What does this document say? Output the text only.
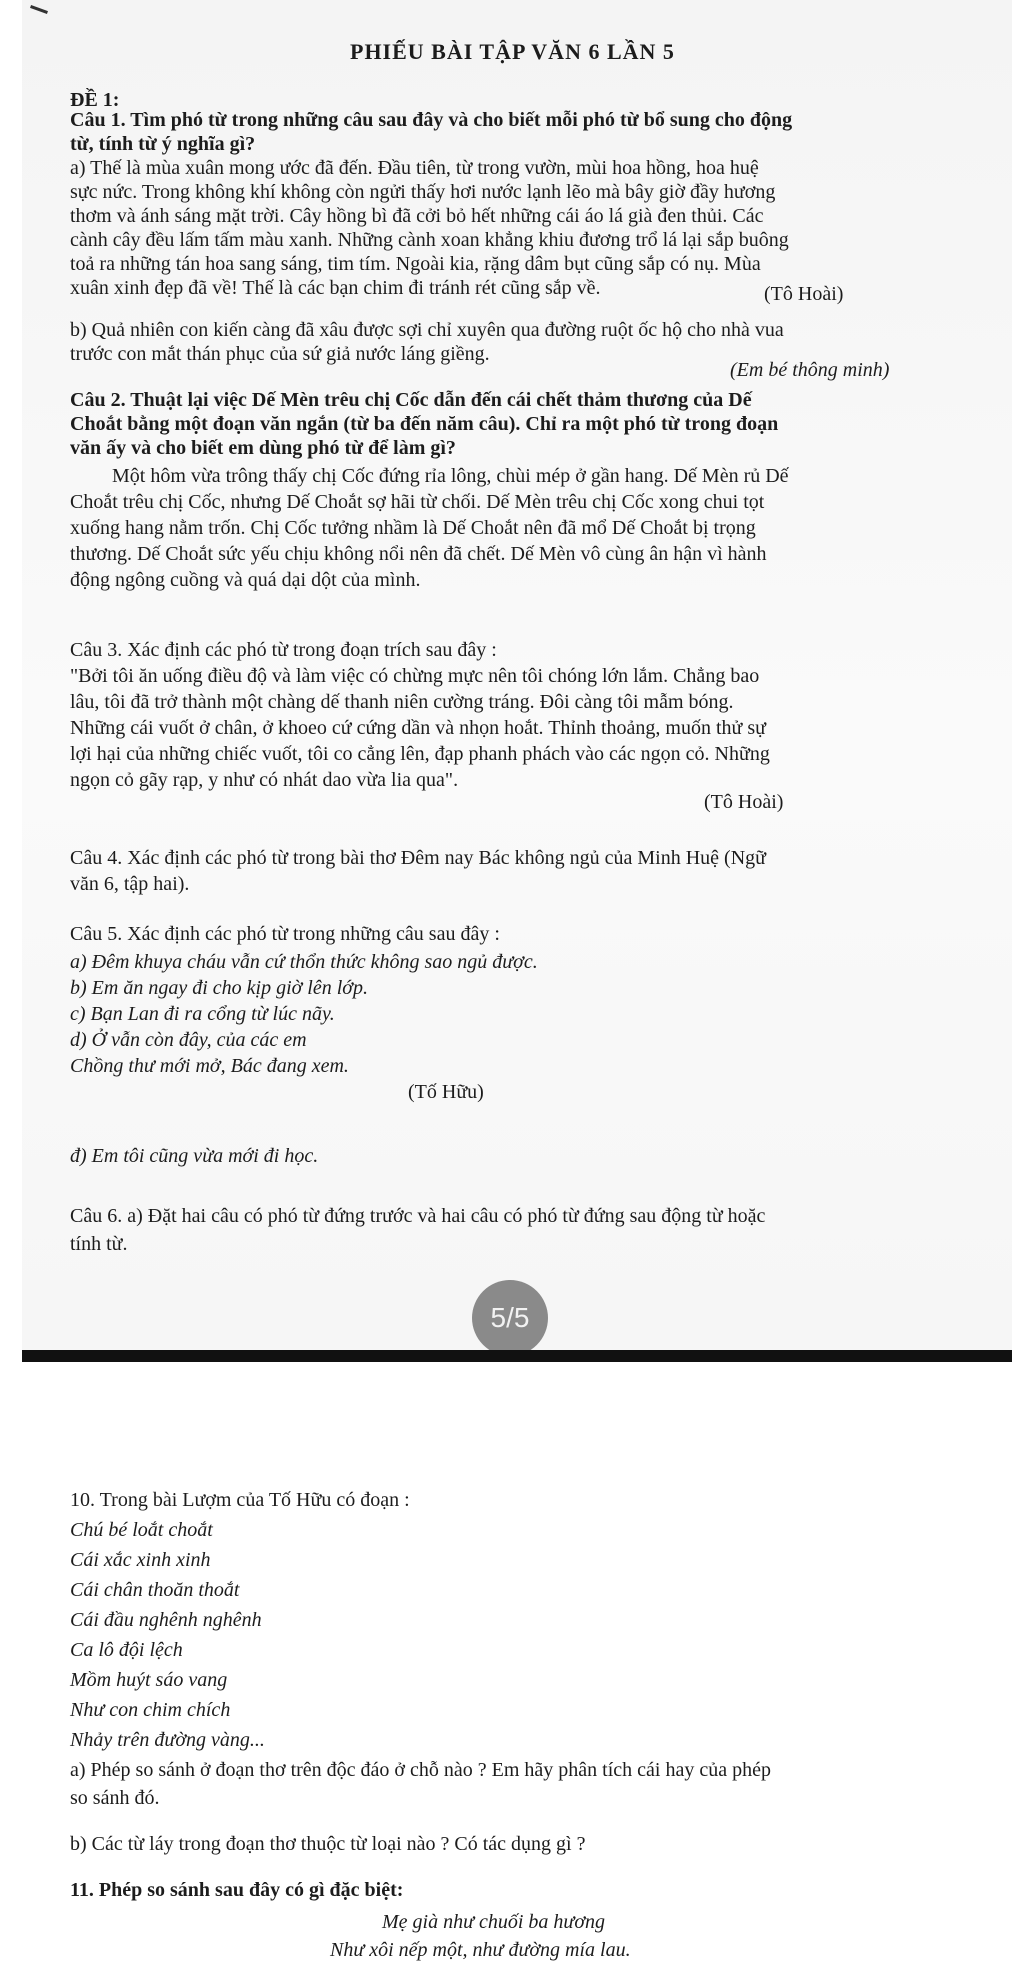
PHIẾU BÀI TẬP VĂN 6 LẦN 5
ĐỀ 1:
Câu 1. Tìm phó từ trong những câu sau đây và cho biết mỗi phó từ bổ sung cho động
từ, tính từ ý nghĩa gì?
a) Thế là mùa xuân mong ước đã đến. Đầu tiên, từ trong vườn, mùi hoa hồng, hoa huệ
sực nức. Trong không khí không còn ngửi thấy hơi nước lạnh lẽo mà bây giờ đầy hương
thơm và ánh sáng mặt trời. Cây hồng bì đã cởi bỏ hết những cái áo lá già đen thủi. Các
cành cây đều lấm tấm màu xanh. Những cành xoan khẳng khiu đương trổ lá lại sắp buông
toả ra những tán hoa sang sáng, tim tím. Ngoài kia, rặng dâm bụt cũng sắp có nụ. Mùa
xuân xinh đẹp đã về! Thế là các bạn chim đi tránh rét cũng sắp về.	(Tô Hoài)
b) Quả nhiên con kiến càng đã xâu được sợi chỉ xuyên qua đường ruột ốc hộ cho nhà vua
trước con mắt thán phục của sứ giả nước láng giềng.
(Em bé thông minh)
Câu 2. Thuật lại việc Dế Mèn trêu chị Cốc dẫn đến cái chết thảm thương của Dế
Choắt bằng một đoạn văn ngắn (từ ba đến năm câu). Chỉ ra một phó từ trong đoạn
văn ấy và cho biết em dùng phó từ để làm gì?
Một hôm vừa trông thấy chị Cốc đứng rỉa lông, chùi mép ở gần hang. Dế Mèn rủ Dế
Choắt trêu chị Cốc, nhưng Dế Choắt sợ hãi từ chối. Dế Mèn trêu chị Cốc xong chui tọt
xuống hang nằm trốn. Chị Cốc tưởng nhầm là Dế Choắt nên đã mổ Dế Choắt bị trọng
thương. Dế Choắt sức yếu chịu không nổi nên đã chết. Dế Mèn vô cùng ân hận vì hành
động ngông cuồng và quá dại dột của mình.
Câu 3. Xác định các phó từ trong đoạn trích sau đây :
"Bởi tôi ăn uống điều độ và làm việc có chừng mực nên tôi chóng lớn lắm. Chẳng bao
lâu, tôi đã trở thành một chàng dế thanh niên cường tráng. Đôi càng tôi mẫm bóng.
Những cái vuốt ở chân, ở khoeo cứ cứng dần và nhọn hoắt. Thỉnh thoảng, muốn thử sự
lợi hại của những chiếc vuốt, tôi co cẳng lên, đạp phanh phách vào các ngọn cỏ. Những
ngọn cỏ gãy rạp, y như có nhát dao vừa lia qua".
(Tô Hoài)
Câu 4. Xác định các phó từ trong bài thơ Đêm nay Bác không ngủ của Minh Huệ (Ngữ
văn 6, tập hai).
Câu 5. Xác định các phó từ trong những câu sau đây :
a) Đêm khuya cháu vẫn cứ thổn thức không sao ngủ được.
b) Em ăn ngay đi cho kịp giờ lên lớp.
c) Bạn Lan đi ra cổng từ lúc nãy.
d) Ở vẫn còn đây, của các em
Chồng thư mới mở, Bác đang xem.
(Tố Hữu)
đ) Em tôi cũng vừa mới đi học.
Câu 6. a) Đặt hai câu có phó từ đứng trước và hai câu có phó từ đứng sau động từ hoặc
tính từ.
5/5
10. Trong bài Lượm của Tố Hữu có đoạn :
Chú bé loắt choắt
Cái xắc xinh xinh
Cái chân thoăn thoắt
Cái đầu nghênh nghênh
Ca lô đội lệch
Mồm huýt sáo vang
Như con chim chích
Nhảy trên đường vàng...
a) Phép so sánh ở đoạn thơ trên độc đáo ở chỗ nào ? Em hãy phân tích cái hay của phép
so sánh đó.
b) Các từ láy trong đoạn thơ thuộc từ loại nào ? Có tác dụng gì ?
11. Phép so sánh sau đây có gì đặc biệt:
Mẹ già như chuối ba hương
Như xôi nếp một, như đường mía lau.
